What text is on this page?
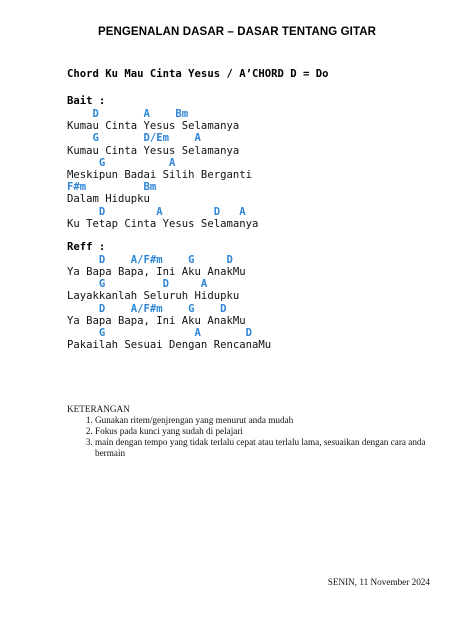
PENGENALAN DASAR – DASAR TENTANG GITAR
Chord Ku Mau Cinta Yesus / A’CHORD D = Do
Bait :
D       A    Bm
Kumau Cinta Yesus Selamanya
G       D/Em    A
Kumau Cinta Yesus Selamanya
G          A
Meskipun Badai Silih Berganti
F#m         Bm
Dalam Hidupku
D        A        D   A
Ku Tetap Cinta Yesus Selamanya
Reff :
D    A/F#m    G     D
Ya Bapa Bapa, Ini Aku AnakMu
G         D     A
Layakkanlah Seluruh Hidupku
D    A/F#m    G    D
Ya Bapa Bapa, Ini Aku AnakMu
G              A       D
Pakailah Sesuai Dengan RencanaMu
KETERANGAN
1. Gunakan ritem/genjrengan yang menurut anda mudah
2. Fokus pada kunci yang sudah di pelajari
3. main dengan tempo yang tidak terlalu cepat atau terlalu lama, sesuaikan dengan cara anda bermain
SENIN, 11 November 2024
